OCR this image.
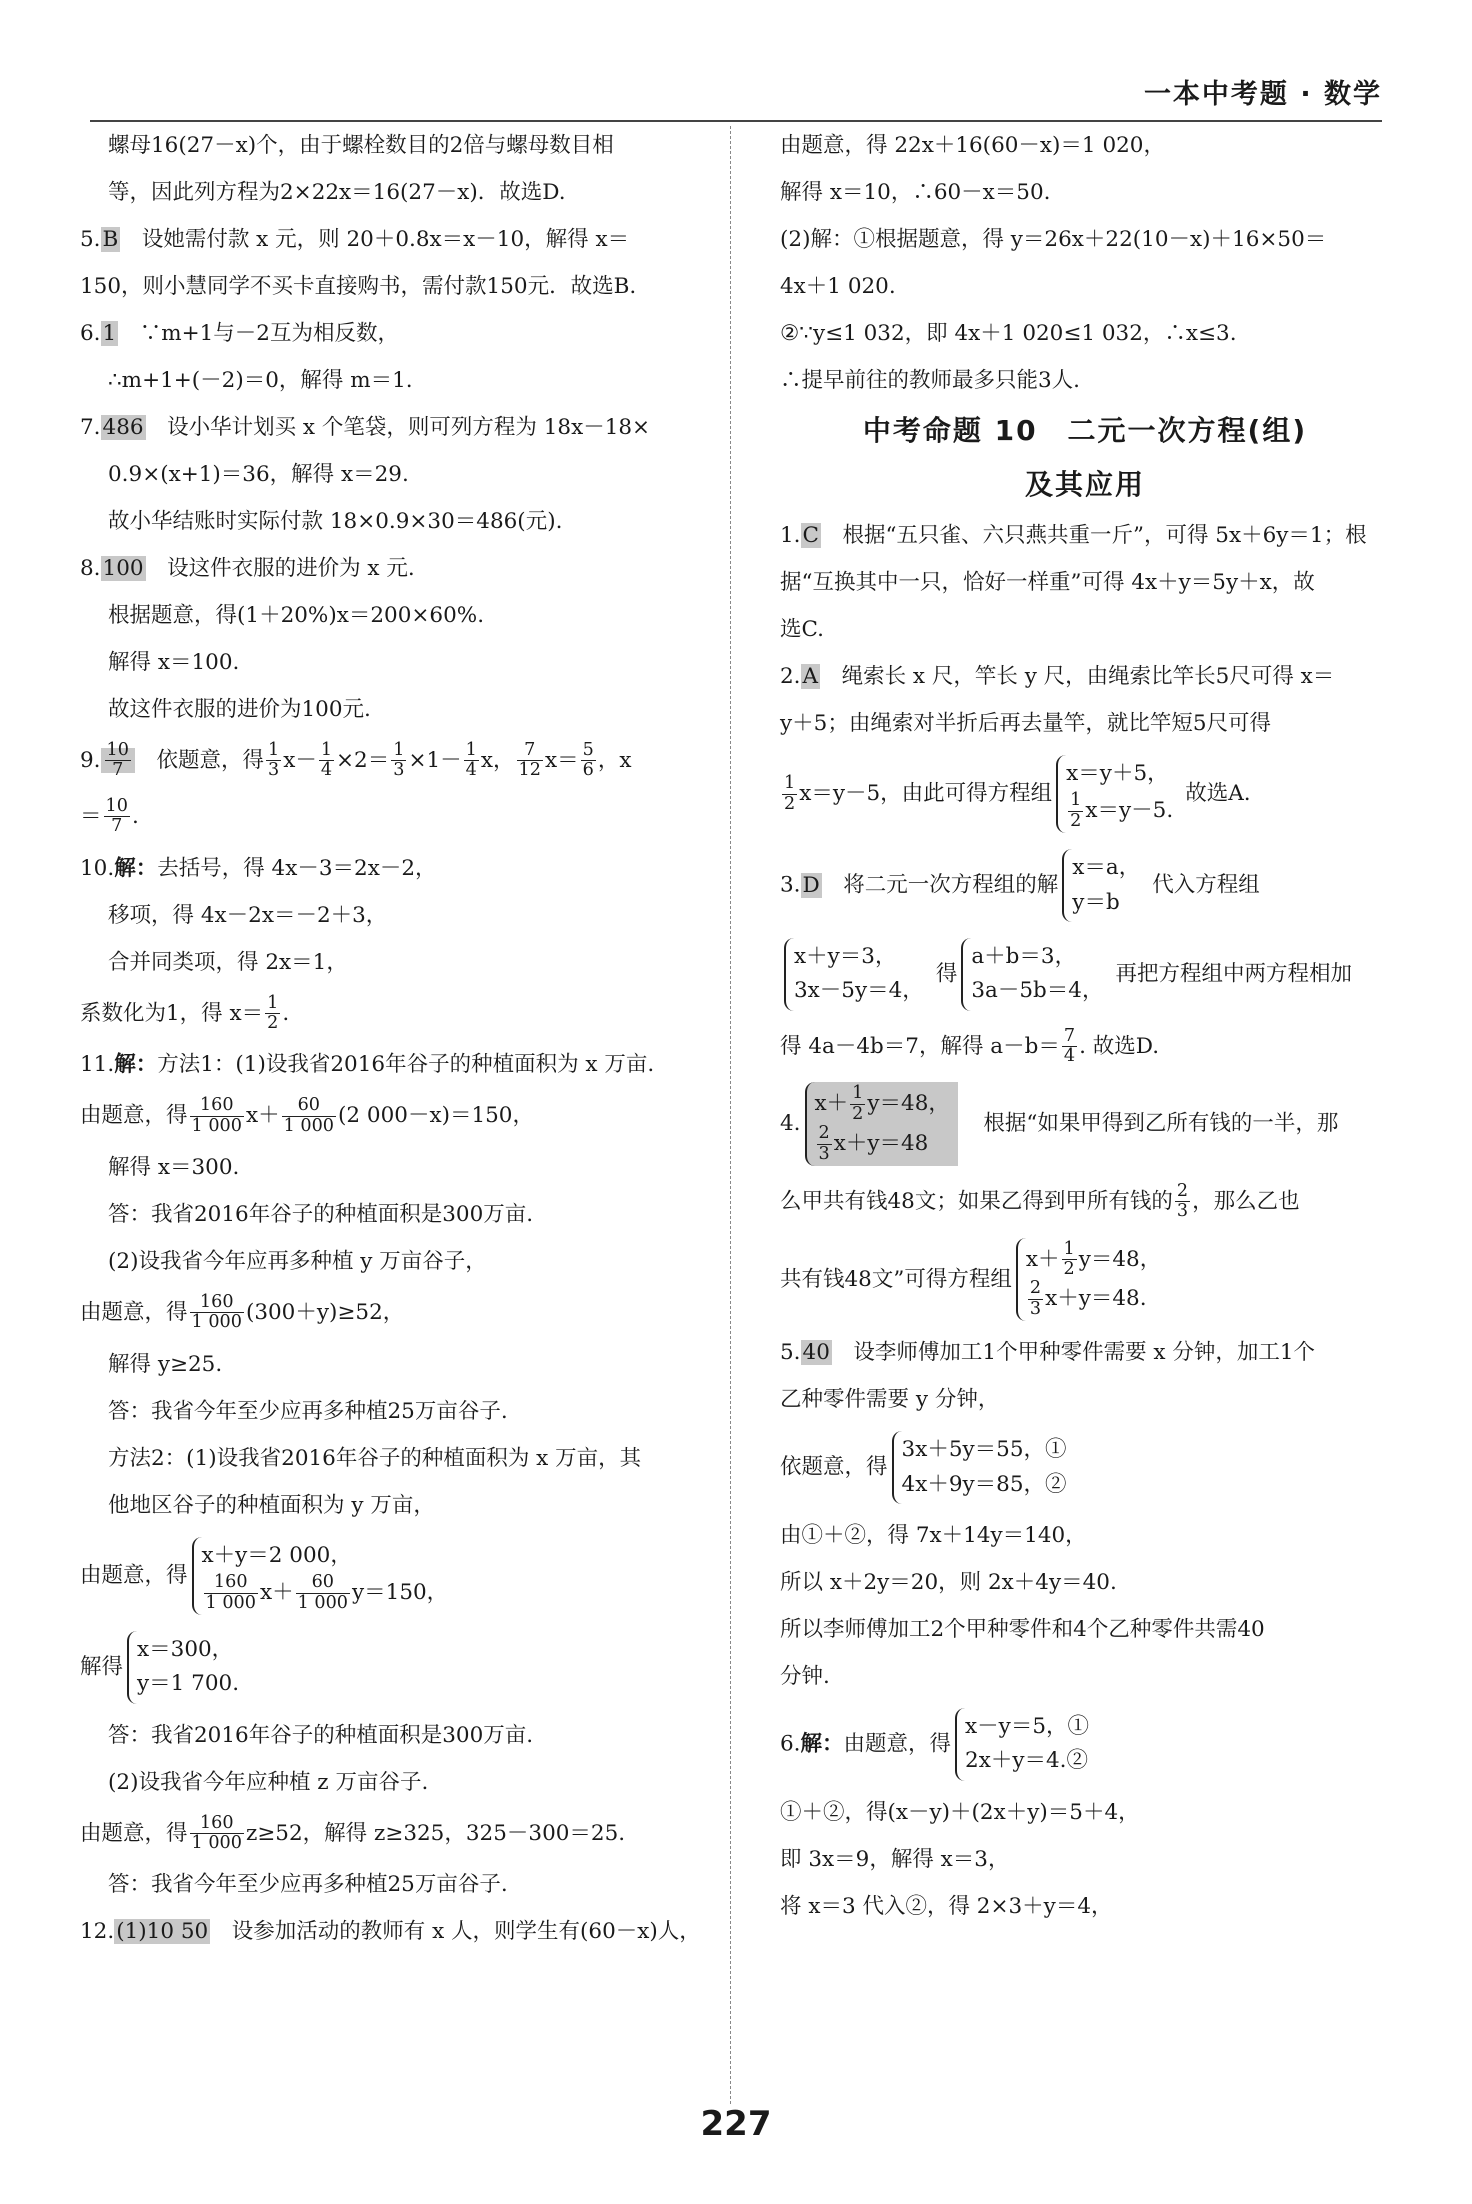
一本中考题 · 数学
螺母16(27－x)个，由于螺栓数目的2倍与螺母数目相
等，因此列方程为2×22x＝16(27－x)．故选D.
5.B　 设她需付款 x 元，则 20＋0.8x＝x－10，解得 x＝
150，则小慧同学不买卡直接购书，需付款150元．故选B.
6.1　 ∵m+1与－2互为相反数，
∴m+1+(－2)＝0，解得 m＝1.
7.486　 设小华计划买 x 个笔袋，则可列方程为 18x－18×
0.9×(x+1)＝36，解得 x＝29.
故小华结账时实际付款 18×0.9×30＝486(元).
8.100　 设这件衣服的进价为 x 元.
根据题意，得(1＋20%)x＝200×60%.
解得 x＝100.
故这件衣服的进价为100元.
9. $\frac{10}{7}$
　 依题意，得 $\frac{1}{3} x- \frac{1}{4} \times 2= \frac{1}{3} \times 1- \frac{1}{4}$ x， $\frac{7}{12} x= \frac{5}{6}$ ，x
＝ $\frac{10}{7}$ .
10.解：去括号，得 4x－3＝2x－2，
移项，得 4x－2x＝－2＋3，
合并同类项，得 2x＝1，
系数化为1，得 $x= \frac{1}{2}$ .
11.解：方法1：(1)设我省2016年谷子的种植面积为 x 万亩.
由题意，得 $\frac{160}{1 000} x+ \frac{60}{1 000} (2$ 000－x)＝150，
解得 x＝300.
答：我省2016年谷子的种植面积是300万亩.
(2)设我省今年应再多种植 y 万亩谷子，
由题意，得 $\frac{160}{1 000} (300+y)\ge 52$，
解得 y≥25.
答：我省今年至少应再多种植25万亩谷子.
方法2：(1)设我省2016年谷子的种植面积为 x 万亩，其
他地区谷子的种植面积为 y 万亩，
由题意，得
x＋y＝2 000，
$\frac{160}{1 000} x+ \frac{60}{1 000} y=150$，
解得
x＝300，
y＝1 700.
答：我省2016年谷子的种植面积是300万亩.
(2)设我省今年应种植 z 万亩谷子.
由题意，得 $\frac{160}{1 000} z\ge 52$，解得 z≥325，325－300＝25.
答：我省今年至少应再多种植25万亩谷子.
12.(1)10 50　 设参加活动的教师有 x 人，则学生有(60－x)人，
由题意，得 22x＋16(60－x)＝1 020，
解得 x＝10，∴60－x＝50.
(2)解：①根据题意，得 y＝26x＋22(10－x)＋16×50＝
4x＋1 020.
②∵y≤1 032，即 4x＋1 020≤1 032，∴x≤3.
∴提早前往的教师最多只能3人.
中考命题 10　二元一次方程(组)
及其应用
1.C　 根据“五只雀、六只燕共重一斤”，可得 5x＋6y＝1；根
据“互换其中一只，恰好一样重”可得 4x＋y＝5y＋x，故
选C.
2.A　 绳索长 x 尺，竿长 y 尺，由绳索比竿长5尺可得 x＝
y＋5；由绳索对半折后再去量竿，就比竿短5尺可得
$\frac{1}{2} x=y-5$，由此可得方程组
x＝y＋5，
$\frac{1}{2} x=y-5$.
故选A.
3.D　 将二元一次方程组的解
x＝a，
y＝b
代入方程组
x＋y＝3，
3x－5y＝4，
得
a＋b＝3，
3a－5b＝4，
再把方程组中两方程相加
得 4a－4b＝7，解得 $a-b= \frac{7}{4}$ . 故选D.
4.
$x+ \frac{1}{2} y=48$，
$\frac{2}{3} x+y=48$
　根据“如果甲得到乙所有钱的一半，那
么甲共有钱48文；如果乙得到甲所有钱的 $\frac{2}{3}$ ，那么乙也
共有钱48文”可得方程组
$x+ \frac{1}{2} y=48$，
$\frac{2}{3} x+y=48$.
5.40　 设李师傅加工1个甲种零件需要 x 分钟，加工1个
乙种零件需要 y 分钟，
依题意，得
3x＋5y＝55，①
4x＋9y＝85，②
由①＋②，得 7x＋14y＝140，
所以 x＋2y＝20，则 2x＋4y＝40.
所以李师傅加工2个甲种零件和4个乙种零件共需40
分钟.
6.解：由题意，得
x－y＝5，①
2x＋y＝4.②
①＋②，得(x－y)＋(2x＋y)＝5＋4，
即 3x＝9，解得 x＝3，
将 x＝3 代入②，得 2×3＋y＝4，
227
